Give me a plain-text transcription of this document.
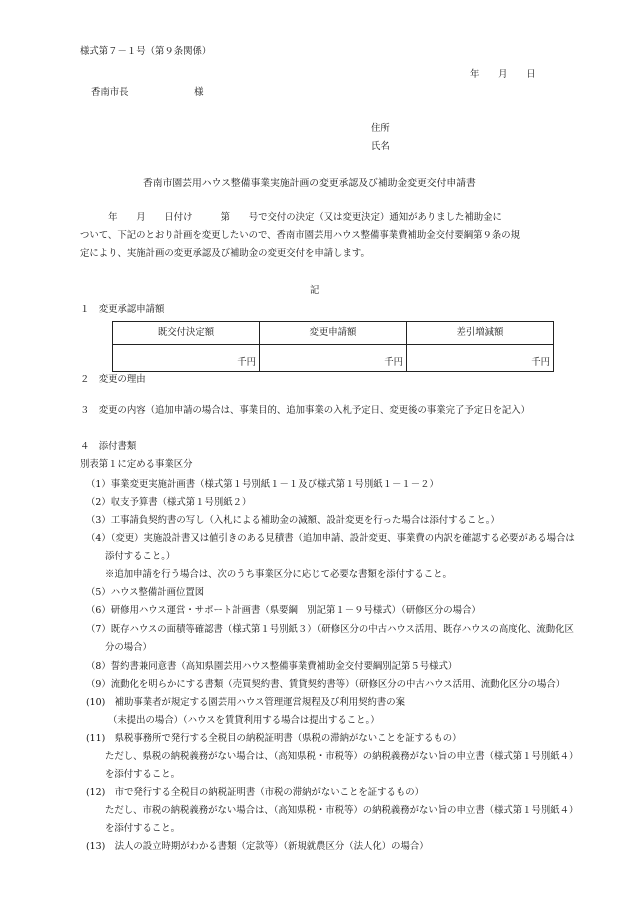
様式第７－１号（第９条関係）
年　　月　　日
香南市長　　　　　　　様
住所
氏名
香南市園芸用ハウス整備事業実施計画の変更承認及び補助金変更交付申請書
　　　年　　月　　日付け　　　第　　号で交付の決定（又は変更決定）通知がありました補助金に
ついて、下記のとおり計画を変更したいので、香南市園芸用ハウス整備事業費補助金交付要綱第９条の規
定により、実施計画の変更承認及び補助金の変更交付を申請します。
記
１　変更承認申請額
既交付決定額	変更申請額	差引増減額
千円	千円	千円
２　変更の理由
３　変更の内容（追加申請の場合は、事業目的、追加事業の入札予定日、変更後の事業完了予定日を記入）
４　添付書類
別表第１に定める事業区分
（1）事業変更実施計画書（様式第１号別紙１－１及び様式第１号別紙１－１－２）
（2）収支予算書（様式第１号別紙２）
（3）工事請負契約書の写し（入札による補助金の減額、設計変更を行った場合は添付すること。）
（4）（変更）実施設計書又は値引きのある見積書（追加申請、設計変更、事業費の内訳を確認する必要がある場合は
添付すること。）
※追加申請を行う場合は、次のうち事業区分に応じて必要な書類を添付すること。
（5）ハウス整備計画位置図
（6）研修用ハウス運営・サポート計画書（県要綱　別記第１－９号様式）（研修区分の場合）
（7）既存ハウスの面積等確認書（様式第１号別紙３）（研修区分の中古ハウス活用、既存ハウスの高度化、流動化区
分の場合）
（8）誓約書兼同意書（高知県園芸用ハウス整備事業費補助金交付要綱別記第５号様式）
（9）流動化を明らかにする書類（売買契約書、賃貸契約書等）（研修区分の中古ハウス活用、流動化区分の場合）
(10)　補助事業者が規定する園芸用ハウス管理運営規程及び利用契約書の案
（未提出の場合）（ハウスを賃貸利用する場合は提出すること。）
(11)　県税事務所で発行する全税目の納税証明書（県税の滞納がないことを証するもの）
ただし、県税の納税義務がない場合は、（高知県税・市税等）の納税義務がない旨の申立書（様式第１号別紙４）
を添付すること。
(12)　市で発行する全税目の納税証明書（市税の滞納がないことを証するもの）
ただし、市税の納税義務がない場合は、（高知県税・市税等）の納税義務がない旨の申立書（様式第１号別紙４）
を添付すること。
(13)　法人の設立時期がわかる書類（定款等）（新規就農区分（法人化）の場合）
